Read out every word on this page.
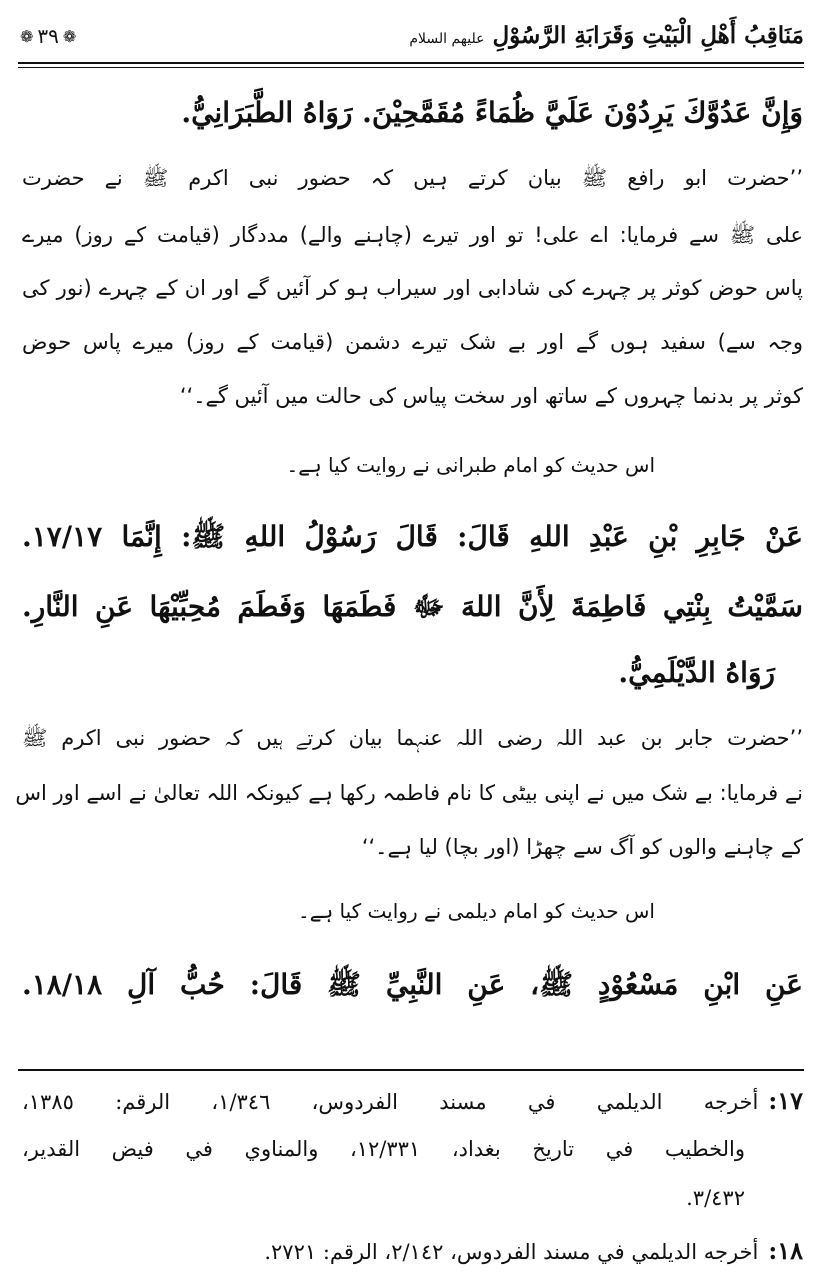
مَنَاقِبُ أَهْلِ الْبَيْتِ وَقَرَابَةِ الرَّسُوْلِ علیهم السلام
❁ ٣٩ ❁
وَإِنَّ عَدُوَّكَ يَرِدُوْنَ عَلَيَّ ظُمَاءً مُقَمَّحِيْنَ. رَوَاهُ الطَّبَرَانِيُّ.
’’حضرت ابو رافع ﷺ بیان کرتے ہیں کہ حضور نبی اکرم ﷺ نے حضرت
علی ﷺ سے فرمایا: اے علی! تو اور تیرے (چاہنے والے) مددگار (قیامت کے روز) میرے
پاس حوض کوثر پر چہرے کی شادابی اور سیراب ہو کر آئیں گے اور ان کے چہرے (نور کی
وجہ سے) سفید ہوں گے اور بے شک تیرے دشمن (قیامت کے روز) میرے پاس حوض
کوثر پر بدنما چہروں کے ساتھ اور سخت پیاس کی حالت میں آئیں گے۔‘‘
اس حدیث کو امام طبرانی نے روایت کیا ہے۔
عَنْ جَابِرِ بْنِ عَبْدِ اللهِ قَالَ: قَالَ رَسُوْلُ اللهِ ﷺ: إِنَّمَا ١٧/١٧.
سَمَّيْتُ بِنْتِي فَاطِمَةَ لِأَنَّ اللهَ ﷻ فَطَمَهَا وَفَطَمَ مُحِبِّيْهَا عَنِ النَّارِ.
رَوَاهُ الدَّيْلَمِيُّ.
’’حضرت جابر بن عبد اللہ رضی اللہ عنہما بیان کرتے ہیں کہ حضور نبی اکرم ﷺ
نے فرمایا: بے شک میں نے اپنی بیٹی کا نام فاطمہ رکھا ہے کیونکہ اللہ تعالیٰ نے اسے اور اس
کے چاہنے والوں کو آگ سے چھڑا (اور بچا) لیا ہے۔‘‘
اس حدیث کو امام دیلمی نے روایت کیا ہے۔
عَنِ ابْنِ مَسْعُوْدٍ ﷺ، عَنِ النَّبِيِّ ﷺ قَالَ: حُبُّ آلِ ١٨/١٨.
١٧:أخرجه الديلمي في مسند الفردوس، ١/٣٤٦، الرقم: ١٣٨٥،
والخطيب في تاريخ بغداد، ١٢/٣٣١، والمناوي في فيض القدير،
٣/٤٣٢.
١٨:أخرجه الديلمي في مسند الفردوس، ٢/١٤٢، الرقم: ٢٧٢١.
